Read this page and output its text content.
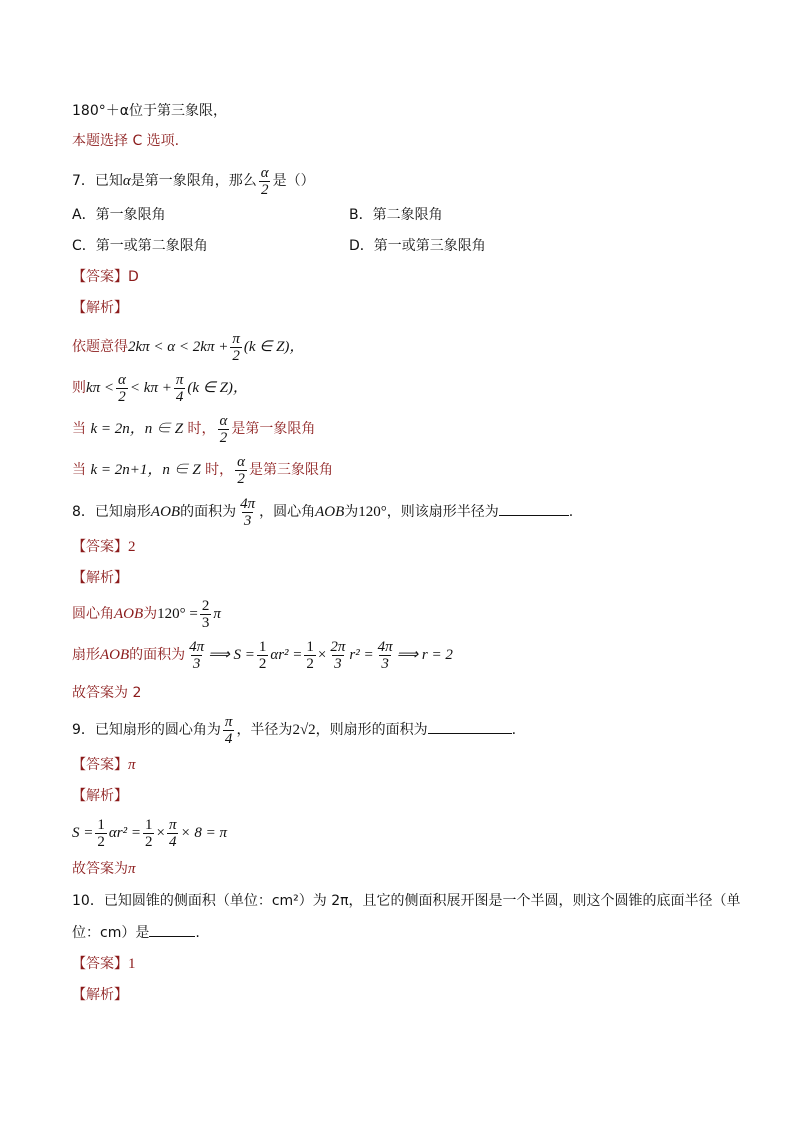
180°＋α位于第三象限，
本题选择 C 选项.
7．已知α是第一象限角，那么 $\frac{\alpha}{2}$ 是（）
A．第一象限角	B．第二象限角
C．第一或第二象限角	D．第一或第三象限角
【答案】D
【解析】
依题意得$2k\pi < \alpha < 2k\pi + \frac{\pi}{2} (k$ ∈ Z)，
则$k\pi < \frac{\alpha}{2} < k\pi + \frac{\pi}{4} (k$ ∈ Z)，
当 k = 2n，n ∈ Z 时， $\frac{\alpha}{2}$ 是第一象限角
当 k = 2n+1，n ∈ Z 时， $\frac{\alpha}{2}$ 是第三象限角
8．已知扇形AOB的面积为 $\frac{4\pi}{3}$ ，圆心角AOB为120°，则该扇形半径为	.
【答案】2
【解析】
圆心角AOB为$120^\circ = \frac{2}{3}$ π
扇形AOB的面积为 $\frac{4\pi}{3}$ ⟹ $S = \frac{1}{2} \alpha r^2 = \frac{1}{2} \times \frac{2\pi}{3} r^2 = \frac{4\pi}{3}$ ⟹ r = 2
故答案为 2
9．已知扇形的圆心角为 $\frac{\pi}{4}$ ，半径为2√2，则扇形的面积为	.
【答案】π
【解析】
$S = \frac{1}{2} \alpha r^2 = \frac{1}{2} \times \frac{\pi}{4} \times 8 = \pi$
故答案为π
10．已知圆锥的侧面积（单位：cm²）为 2π，且它的侧面积展开图是一个半圆，则这个圆锥的底面半径（单
位：cm）是	.
【答案】1
【解析】
